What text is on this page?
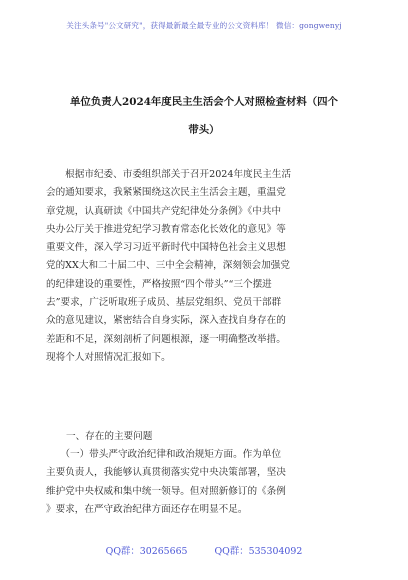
关注头条号"公文研究"，获得最新最全最专业的公文资料库！ 微信：gongwenyj
单位负责人2024年度民主生活会个人对照检查材料（四个
带头）
　　根据市纪委、市委组织部关于召开2024年度民主生活
会的通知要求，我紧紧围绕这次民主生活会主题，重温党
章党规，认真研读《中国共产党纪律处分条例》《中共中
央办公厅关于推进党纪学习教育常态化长效化的意见》等
重要文件，深入学习习近平新时代中国特色社会主义思想
党的XX大和二十届二中、三中全会精神，深刻领会加强党
的纪律建设的重要性，严格按照“四个带头”“三个摆进
去”要求，广泛听取班子成员、基层党组织、党员干部群
众的意见建议，紧密结合自身实际，深入查找自身存在的
差距和不足，深刻剖析了问题根源，逐一明确整改举措。
现将个人对照情况汇报如下。
一、存在的主要问题
　　（一）带头严守政治纪律和政治规矩方面。作为单位
主要负责人，我能够认真贯彻落实党中央决策部署，坚决
维护党中央权威和集中统一领导。但对照新修订的《条例
》要求，在严守政治纪律方面还存在明显不足。
QQ群：30265665	QQ群：535304092
